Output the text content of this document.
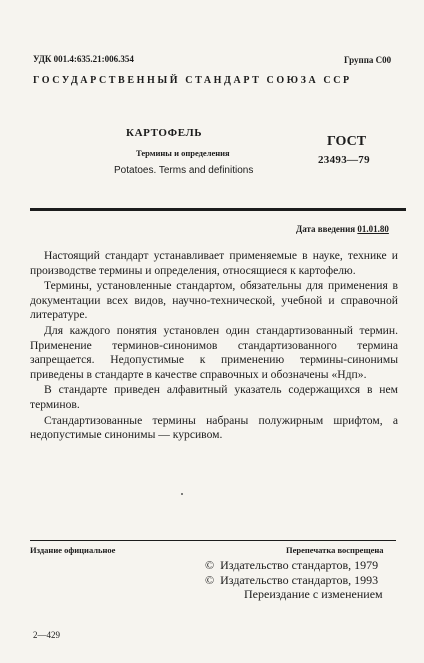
УДК 001.4:635.21:006.354	Группа С00
ГОСУДАРСТВЕННЫЙ СТАНДАРТ СОЮЗА ССР
КАРТОФЕЛЬ
Термины и определения
Potatoes. Terms and definitions
ГОСТ
23493—79
Дата введения 01.01.80

Настоящий стандарт устанавливает применяемые в науке, технике и производстве термины и определения, относящиеся к картофелю.

Термины, установленные стандартом, обязательны для применения в документации всех видов, научно-технической, учебной и справочной литературе.

Для каждого понятия установлен один стандартизованный термин. Применение терминов-синонимов стандартизованного термина запрещается. Недопустимые к применению термины-синонимы приведены в стандарте в качестве справочных и обозначены «Ндп».

В стандарте приведен алфавитный указатель содержащихся в нем терминов.

Стандартизованные термины набраны полужирным шрифтом, а недопустимые синонимы — курсивом.

Издание официальное	Перепечатка воспрещена
© Издательство стандартов, 1979
© Издательство стандартов, 1993
Переиздание с изменением
2—429
